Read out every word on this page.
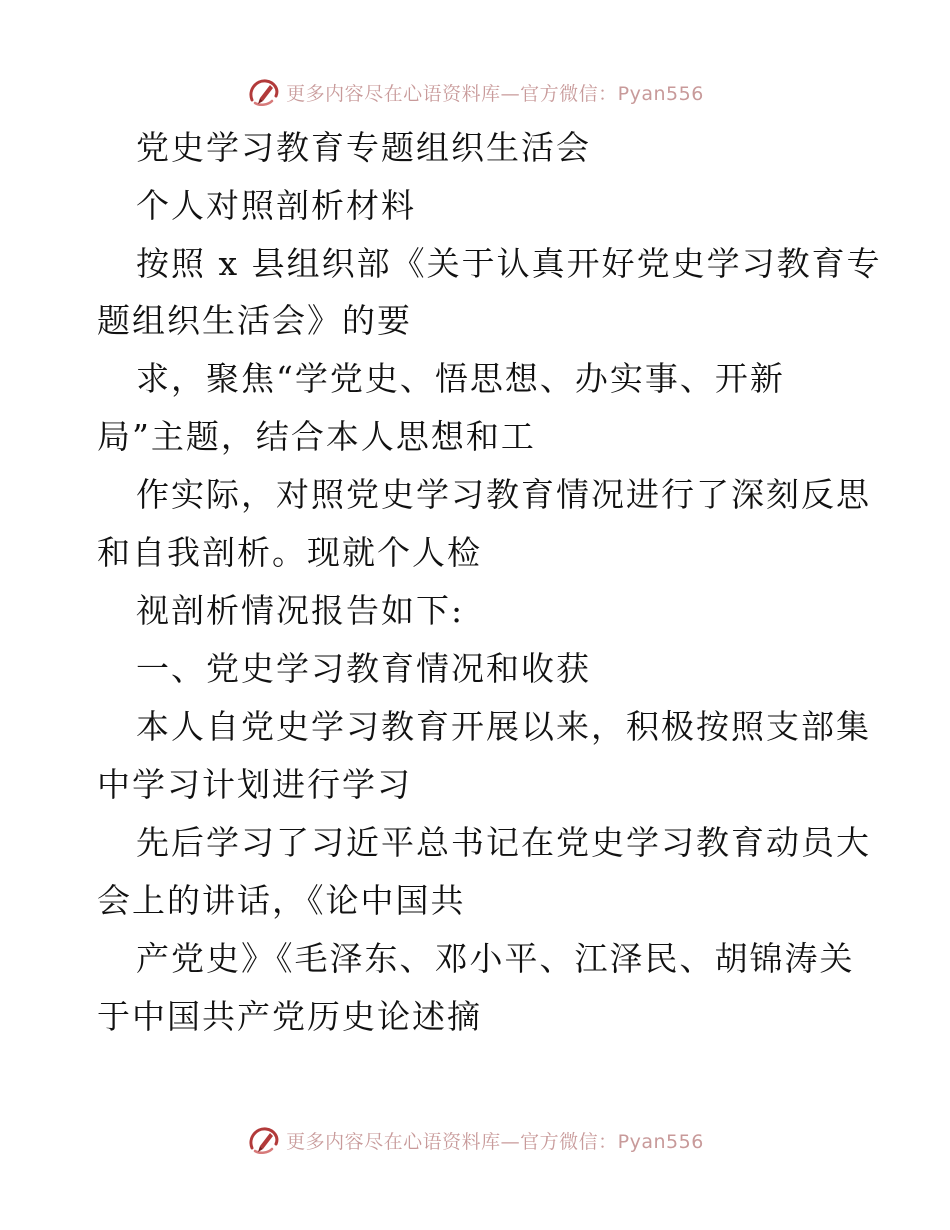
更多内容尽在心语资料库—官方微信：Pyan556
党史学习教育专题组织生活会
个人对照剖析材料
按照 x 县组织部《关于认真开好党史学习教育专
题组织生活会》的要
求，聚焦“学党史、悟思想、办实事、开新
局”主题，结合本人思想和工
作实际，对照党史学习教育情况进行了深刻反思
和自我剖析。现就个人检
视剖析情况报告如下:
一、党史学习教育情况和收获
本人自党史学习教育开展以来，积极按照支部集
中学习计划进行学习
先后学习了习近平总书记在党史学习教育动员大
会上的讲话，《论中国共
产党史》《毛泽东、邓小平、江泽民、胡锦涛关
于中国共产党历史论述摘
更多内容尽在心语资料库—官方微信：Pyan556
